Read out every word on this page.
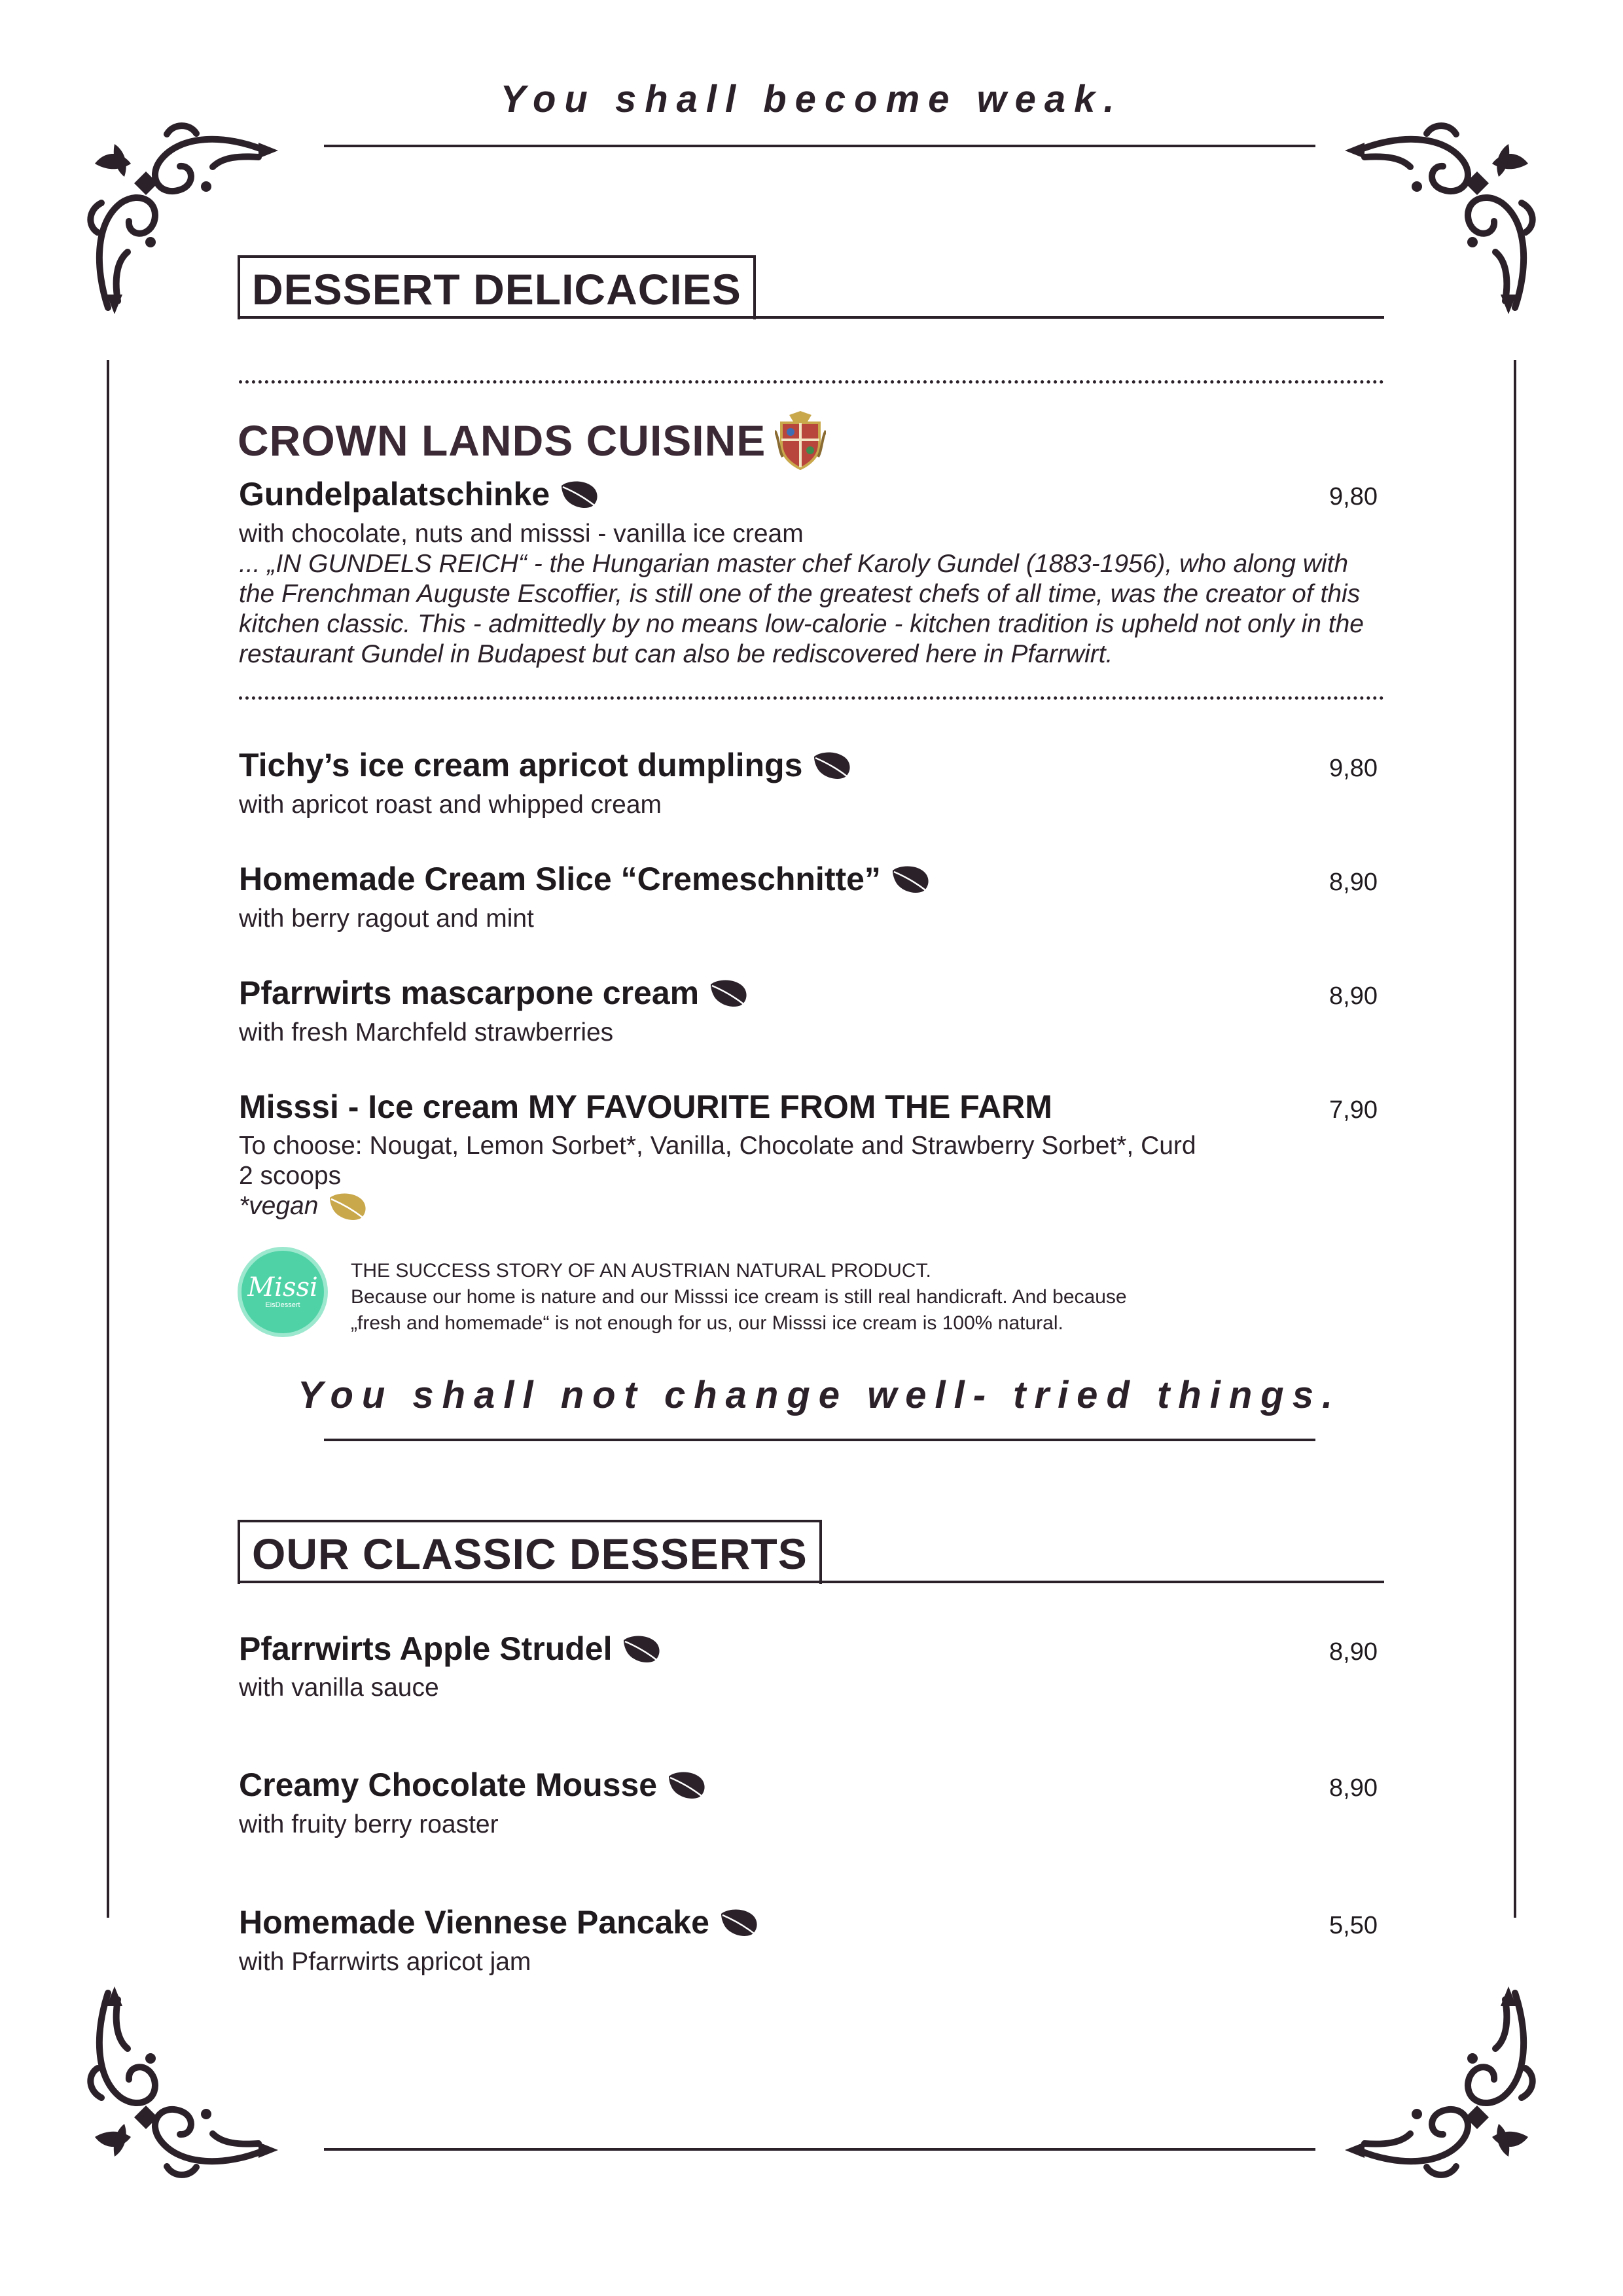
You shall become weak.
DESSERT DELICACIES
CROWN LANDS CUISINE
Gundelpalatschinke	9,80
with chocolate, nuts and misssi - vanilla ice cream
... „IN GUNDELS REICH“ - the Hungarian master chef Karoly Gundel (1883-1956), who along with
the Frenchman Auguste Escoffier, is still one of the greatest chefs of all time, was the creator of this
kitchen classic. This - admittedly by no means low-calorie - kitchen tradition is upheld not only in the
restaurant Gundel in Budapest but can also be rediscovered here in Pfarrwirt.
Tichy’s ice cream apricot dumplings	9,80
with apricot roast and whipped cream
Homemade Cream Slice “Cremeschnitte”	8,90
with berry ragout and mint
Pfarrwirts mascarpone cream	8,90
with fresh Marchfeld strawberries
Misssi - Ice cream MY FAVOURITE FROM THE FARM	7,90
To choose: Nougat, Lemon Sorbet*, Vanilla, Chocolate and Strawberry Sorbet*, Curd
2 scoops
*vegan
Missi
EisDessert
THE SUCCESS STORY OF AN AUSTRIAN NATURAL PRODUCT.
Because our home is nature and our Misssi ice cream is still real handicraft. And because
„fresh and homemade“ is not enough for us, our Misssi ice cream is 100% natural.
You shall not change well- tried things.
OUR CLASSIC DESSERTS
Pfarrwirts Apple Strudel	8,90
with vanilla sauce
Creamy Chocolate Mousse	8,90
with fruity berry roaster
Homemade Viennese Pancake	5,50
with Pfarrwirts apricot jam
